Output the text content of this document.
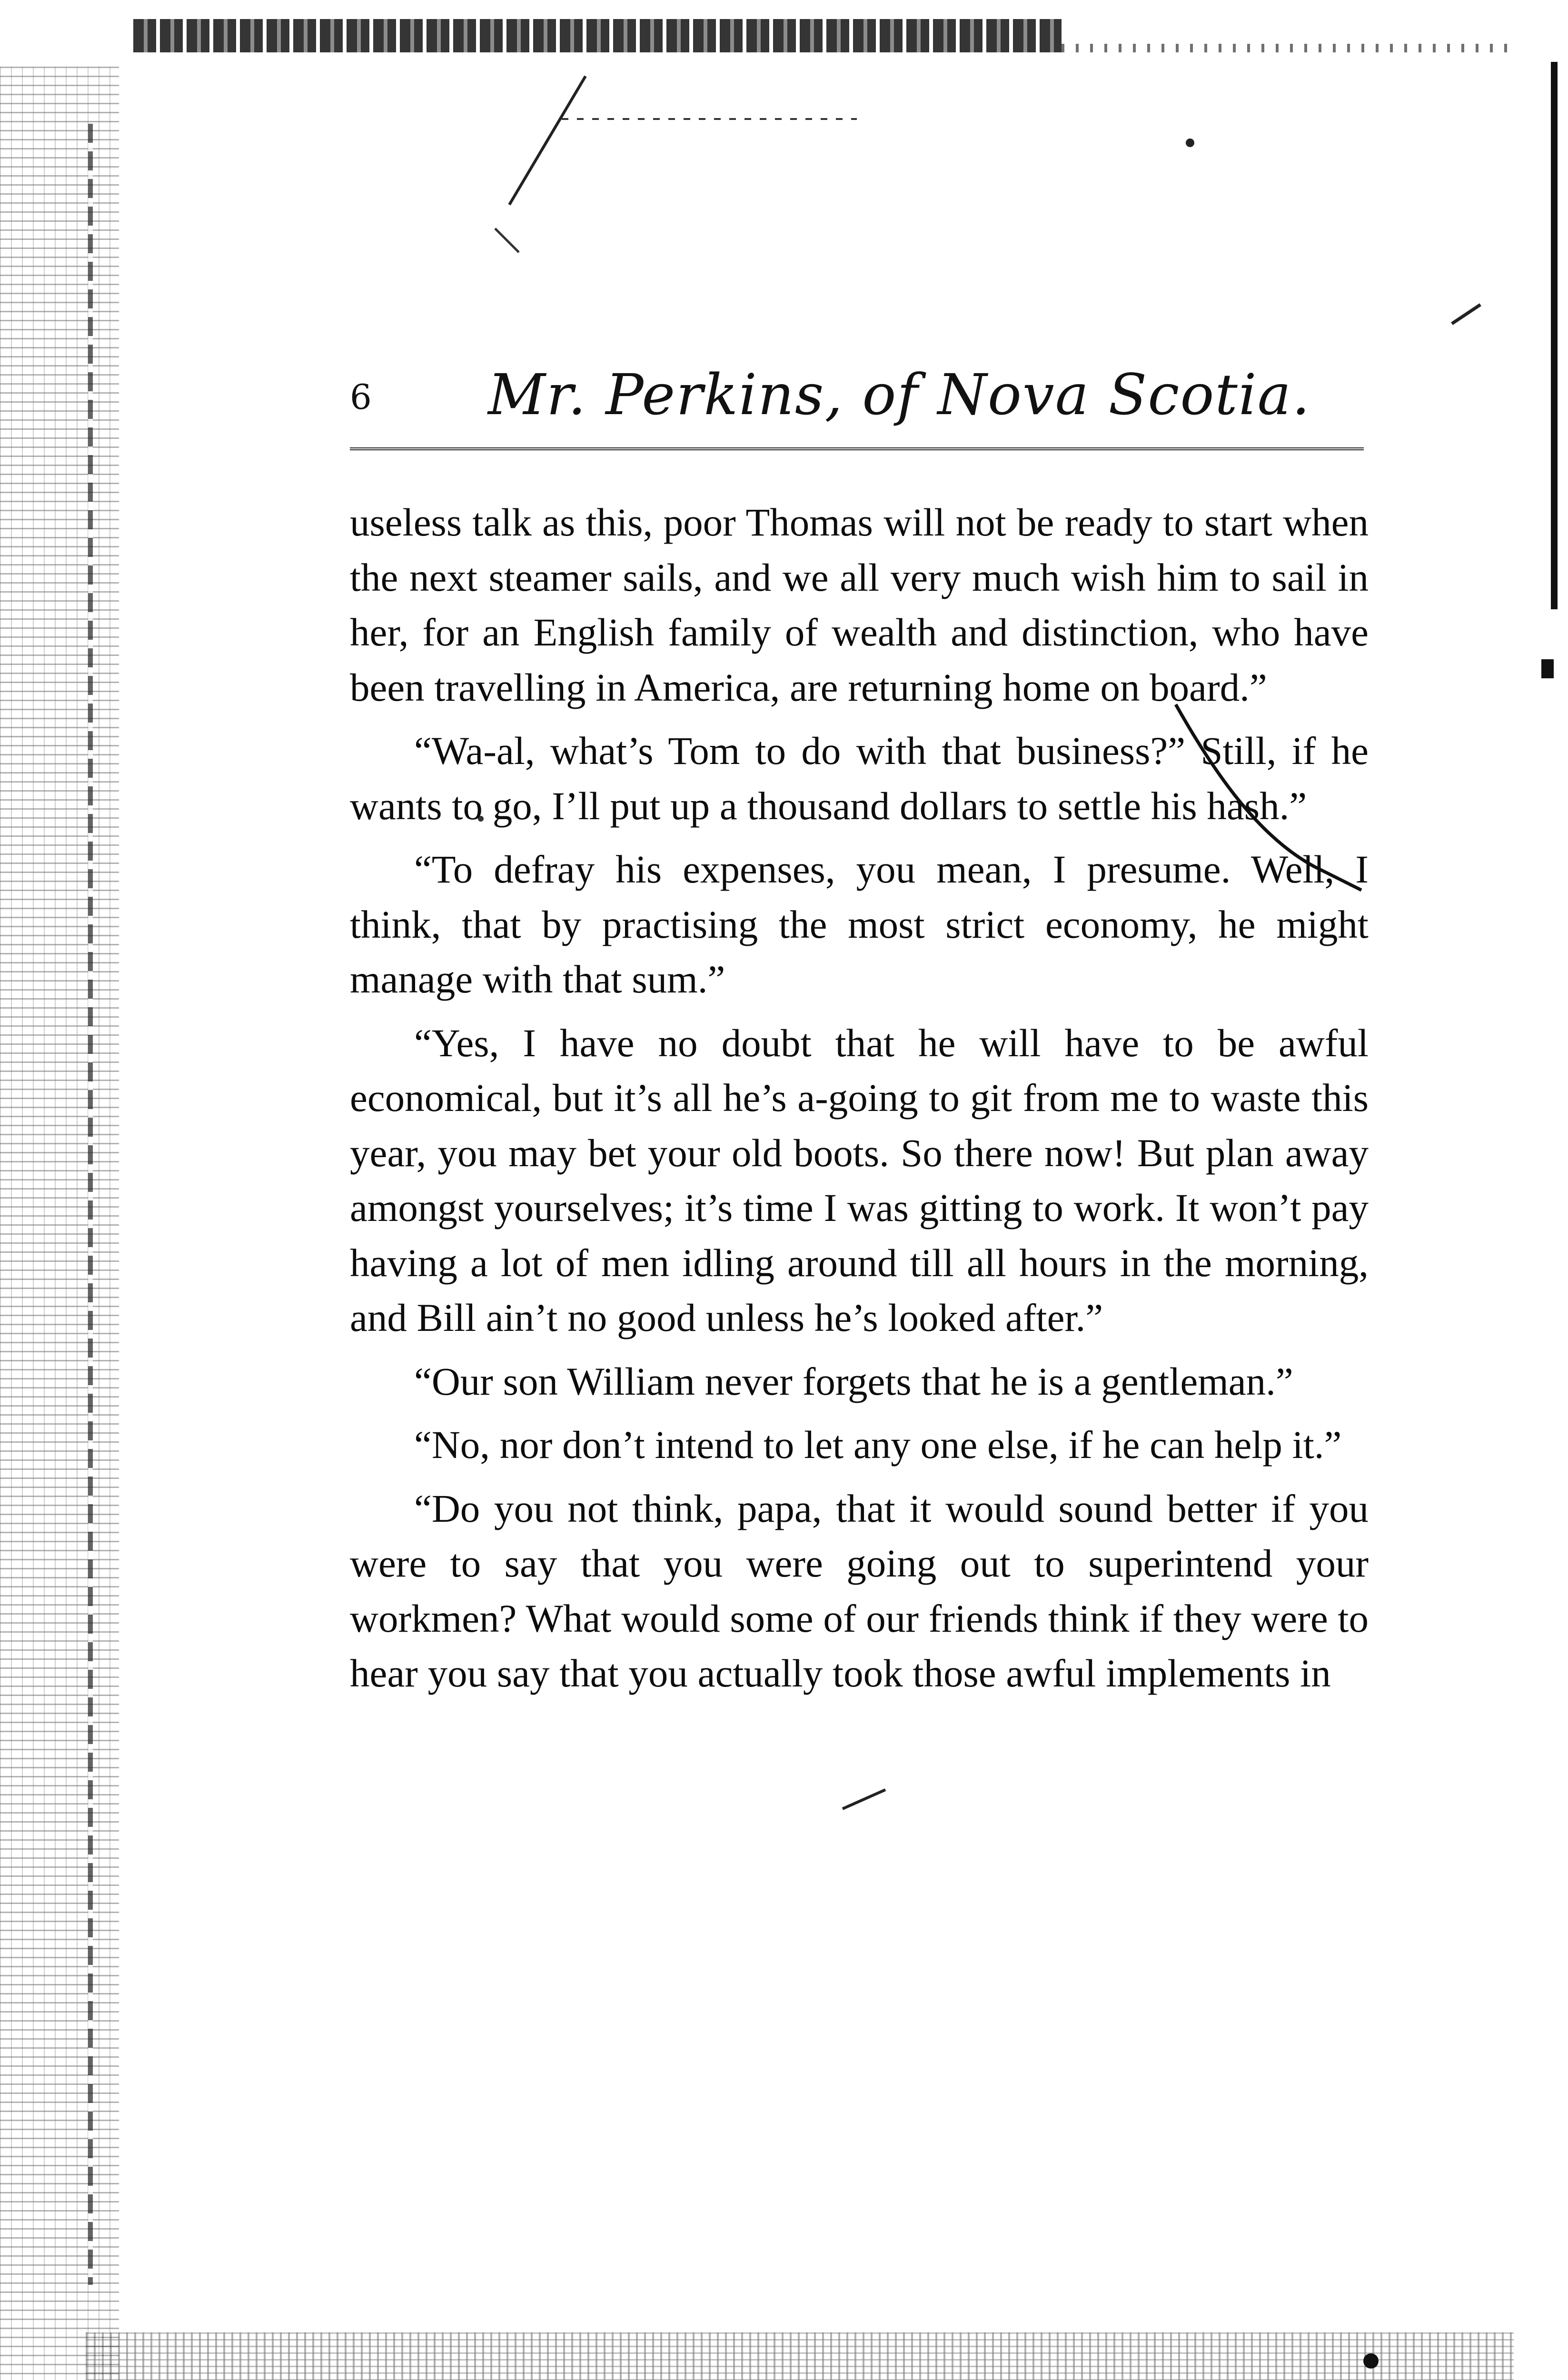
6 Mr. Perkins, of Nova Scotia.

useless talk as this, poor Thomas will not be ready to start when the next steamer sails, and we all very much wish him to sail in her, for an English family of wealth and distinction, who have been travelling in America, are returning home on board.”

“Wa-al, what’s Tom to do with that business?” Still, if he wants to go, I’ll put up a thousand dollars to settle his hash.”

“To defray his expenses, you mean, I presume. Well, I think, that by practising the most strict economy, he might manage with that sum.”

“Yes, I have no doubt that he will have to be awful economical, but it’s all he’s a-going to git from me to waste this year, you may bet your old boots. So there now! But plan away amongst yourselves; it’s time I was gitting to work. It won’t pay having a lot of men idling around till all hours in the morning, and Bill ain’t no good unless he’s looked after.”

“Our son William never forgets that he is a gentleman.”

“No, nor don’t intend to let any one else, if he can help it.”

“Do you not think, papa, that it would sound better if you were to say that you were going out to superintend your workmen? What would some of our friends think if they were to hear you say that you actually took those awful implements in
